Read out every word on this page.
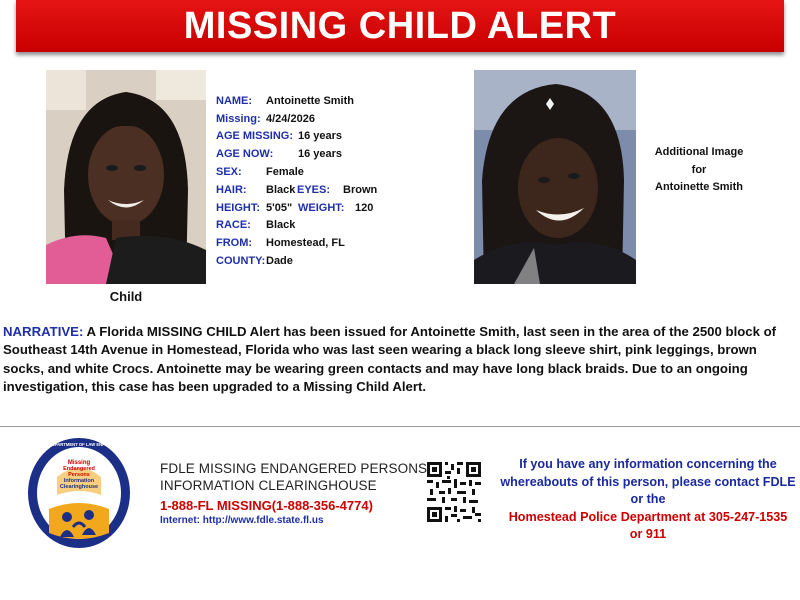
MISSING CHILD ALERT
Child
NAME:	Antoinette Smith
Missing: 4/24/2026
AGE MISSING: 16 years
AGE NOW:	16 years
SEX:	Female
HAIR:	Black EYES:	Brown
HEIGHT: 5'05" WEIGHT: 120
RACE:	Black
FROM:	Homestead, FL
COUNTY: Dade
Additional Image
for
Antoinette Smith
NARRATIVE: A Florida MISSING CHILD Alert has been issued for Antoinette Smith, last seen in the area of the 2500 block of Southeast 14th Avenue in Homestead, Florida who was last seen wearing a black long sleeve shirt, pink leggings, brown socks, and white Crocs. Antoinette may be wearing green contacts and may have long black braids. Due to an ongoing investigation, this case has been upgraded to a Missing Child Alert.
FLORIDA DEPARTMENT OF LAW ENFORCEMENT
Missing
Endangered
Persons
Information
Clearinghouse
FDLE MISSING ENDANGERED PERSONS
INFORMATION CLEARINGHOUSE
1-888-FL MISSING(1-888-356-4774)
Internet: http://www.fdle.state.fl.us
If you have any information concerning the
whereabouts of this person, please contact FDLE
or the
Homestead Police Department at 305-247-1535
or 911
